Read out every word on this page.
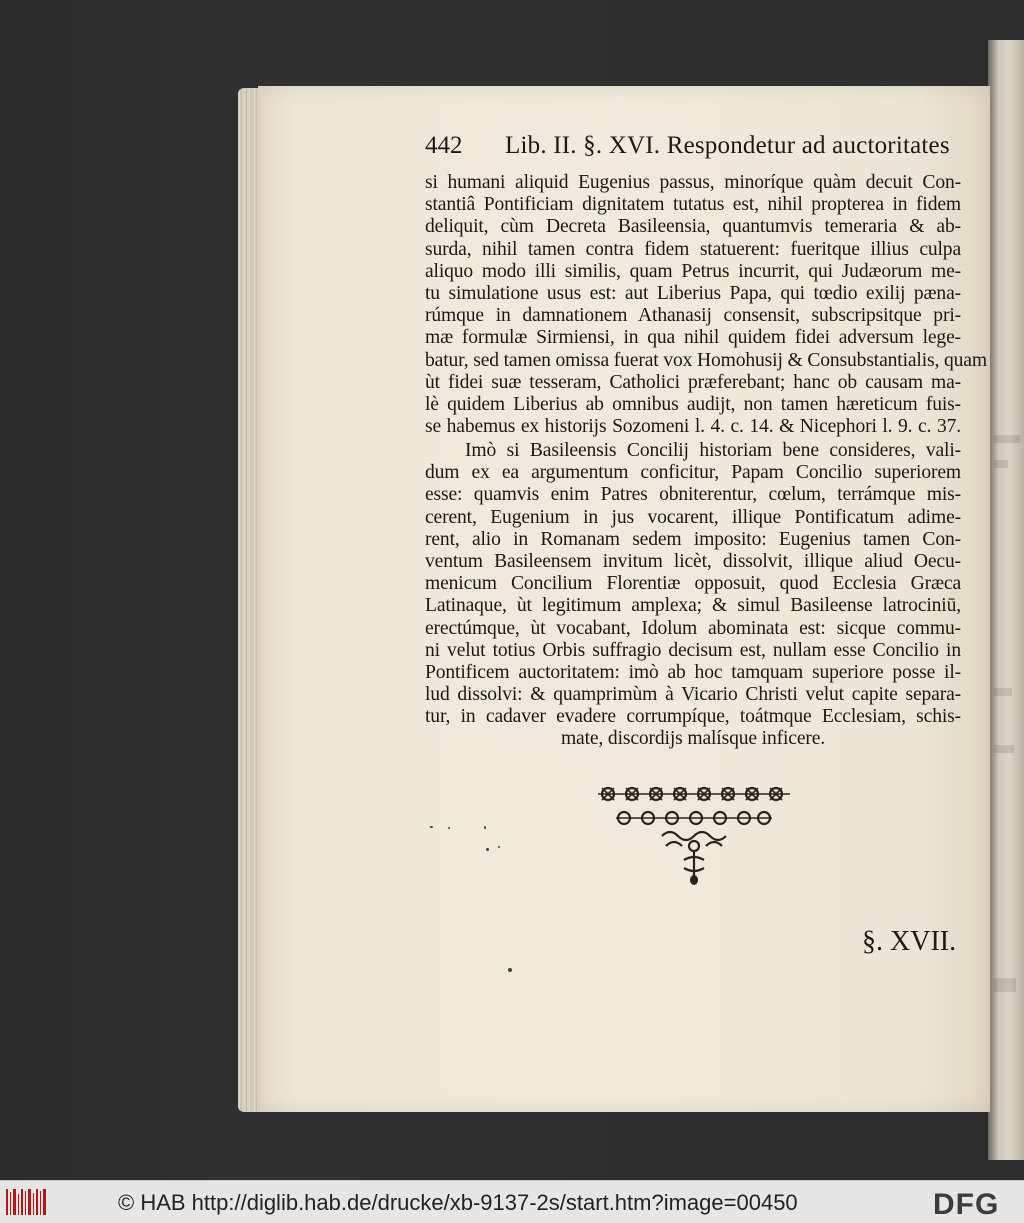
442 Lib. II. §. XVI. Respondetur ad auctoritates
si humani aliquid Eugenius passus, minoríque quàm decuit Con-
stantiâ Pontificiam dignitatem tutatus est, nihil propterea in fidem
deliquit, cùm Decreta Basileensia, quantumvis temeraria & ab-
surda, nihil tamen contra fidem statuerent: fueritque illius culpa
aliquo modo illi similis, quam Petrus incurrit, qui Judæorum me-
tu simulatione usus est: aut Liberius Papa, qui tœdio exilij pæna-
rúmque in damnationem Athanasij consensit, subscripsitque pri-
mæ formulæ Sirmiensi, in qua nihil quidem fidei adversum lege-
batur, sed tamen omissa fuerat vox Homohusij & Consubstantialis, quam
ùt fidei suæ tesseram, Catholici præferebant; hanc ob causam ma-
lè quidem Liberius ab omnibus audijt, non tamen hæreticum fuis-
se habemus ex historijs Sozomeni l. 4. c. 14. & Nicephori l. 9. c. 37.
Imò si Basileensis Concilij historiam bene consideres, vali-
dum ex ea argumentum conficitur, Papam Concilio superiorem
esse: quamvis enim Patres obniterentur, cœlum, terrámque mis-
cerent, Eugenium in jus vocarent, illique Pontificatum adime-
rent, alio in Romanam sedem imposito: Eugenius tamen Con-
ventum Basileensem invitum licèt, dissolvit, illique aliud Oecu-
menicum Concilium Florentiæ opposuit, quod Ecclesia Græca
Latinaque, ùt legitimum amplexa; & simul Basileense latrociniū,
erectúmque, ùt vocabant, Idolum abominata est: sicque commu-
ni velut totius Orbis suffragio decisum est, nullam esse Concilio in
Pontificem auctoritatem: imò ab hoc tamquam superiore posse il-
lud dissolvi: & quamprimùm à Vicario Christi velut capite separa-
tur, in cadaver evadere corrumpíque, toátmque Ecclesiam, schis-
mate, discordijs malísque inficere.
§. XVII.
© HAB http://diglib.hab.de/drucke/xb-9137-2s/start.htm?image=00450	DFG
